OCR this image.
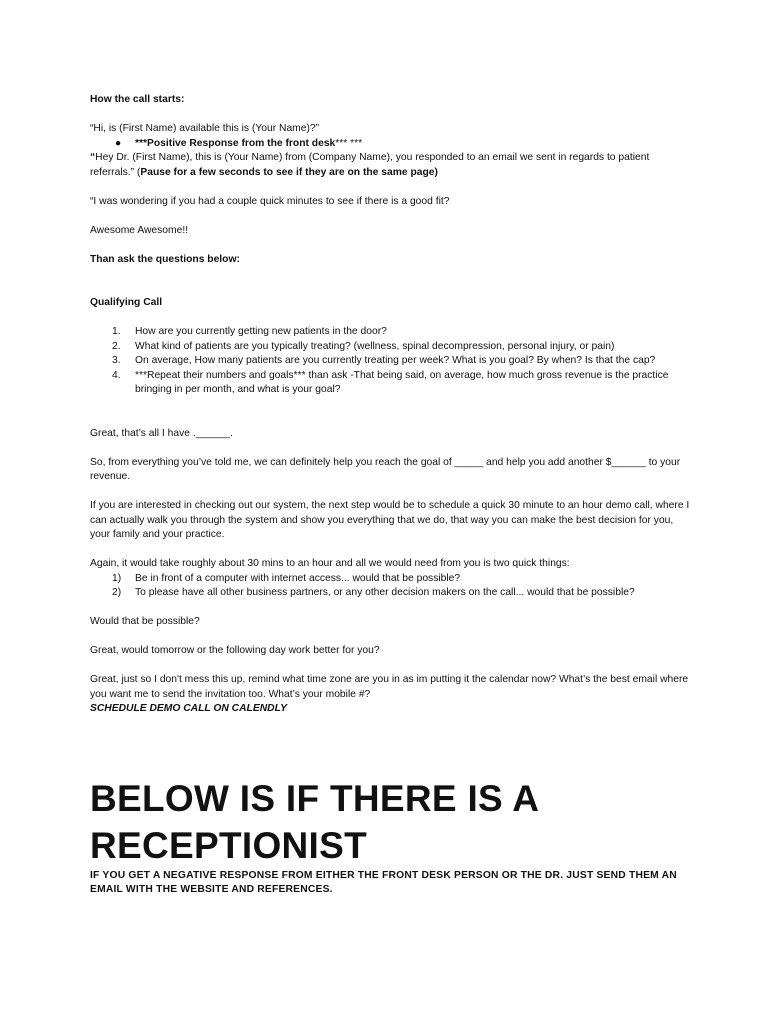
How the call starts:

“Hi, is (First Name) available this is (Your Name)?”

● ***Positive Response from the front desk*** ***

“Hey Dr. (First Name), this is (Your Name) from (Company Name), you responded to an email we sent in regards to patient referrals.” (Pause for a few seconds to see if they are on the same page)

“I was wondering if you had a couple quick minutes to see if there is a good fit?

Awesome Awesome!!

Than ask the questions below:

Qualifying Call

1. How are you currently getting new patients in the door?
2. What kind of patients are you typically treating? (wellness, spinal decompression, personal injury, or pain)
3. On average, How many patients are you currently treating per week? What is you goal? By when? Is that the cap?
4. ***Repeat their numbers and goals*** than ask -That being said, on average, how much gross revenue is the practice bringing in per month, and what is your goal?

Great, that’s all I have .______.

So, from everything you’ve told me, we can definitely help you reach the goal of _____ and help you add another $______ to your revenue.

If you are interested in checking out our system, the next step would be to schedule a quick 30 minute to an hour demo call, where I can actually walk you through the system and show you everything that we do, that way you can make the best decision for you, your family and your practice.

Again, it would take roughly about 30 mins to an hour and all we would need from you is two quick things:

1) Be in front of a computer with internet access... would that be possible?
2) To please have all other business partners, or any other decision makers on the call... would that be possible?

Would that be possible?

Great, would tomorrow or the following day work better for you?

Great, just so I don't mess this up, remind what time zone are you in as im putting it the calendar now? What’s the best email where you want me to send the invitation too. What’s your mobile #?

SCHEDULE DEMO CALL ON CALENDLY

BELOW IS IF THERE IS A RECEPTIONIST

IF YOU GET A NEGATIVE RESPONSE FROM EITHER THE FRONT DESK PERSON OR THE DR. JUST SEND THEM AN EMAIL WITH THE WEBSITE AND REFERENCES.
